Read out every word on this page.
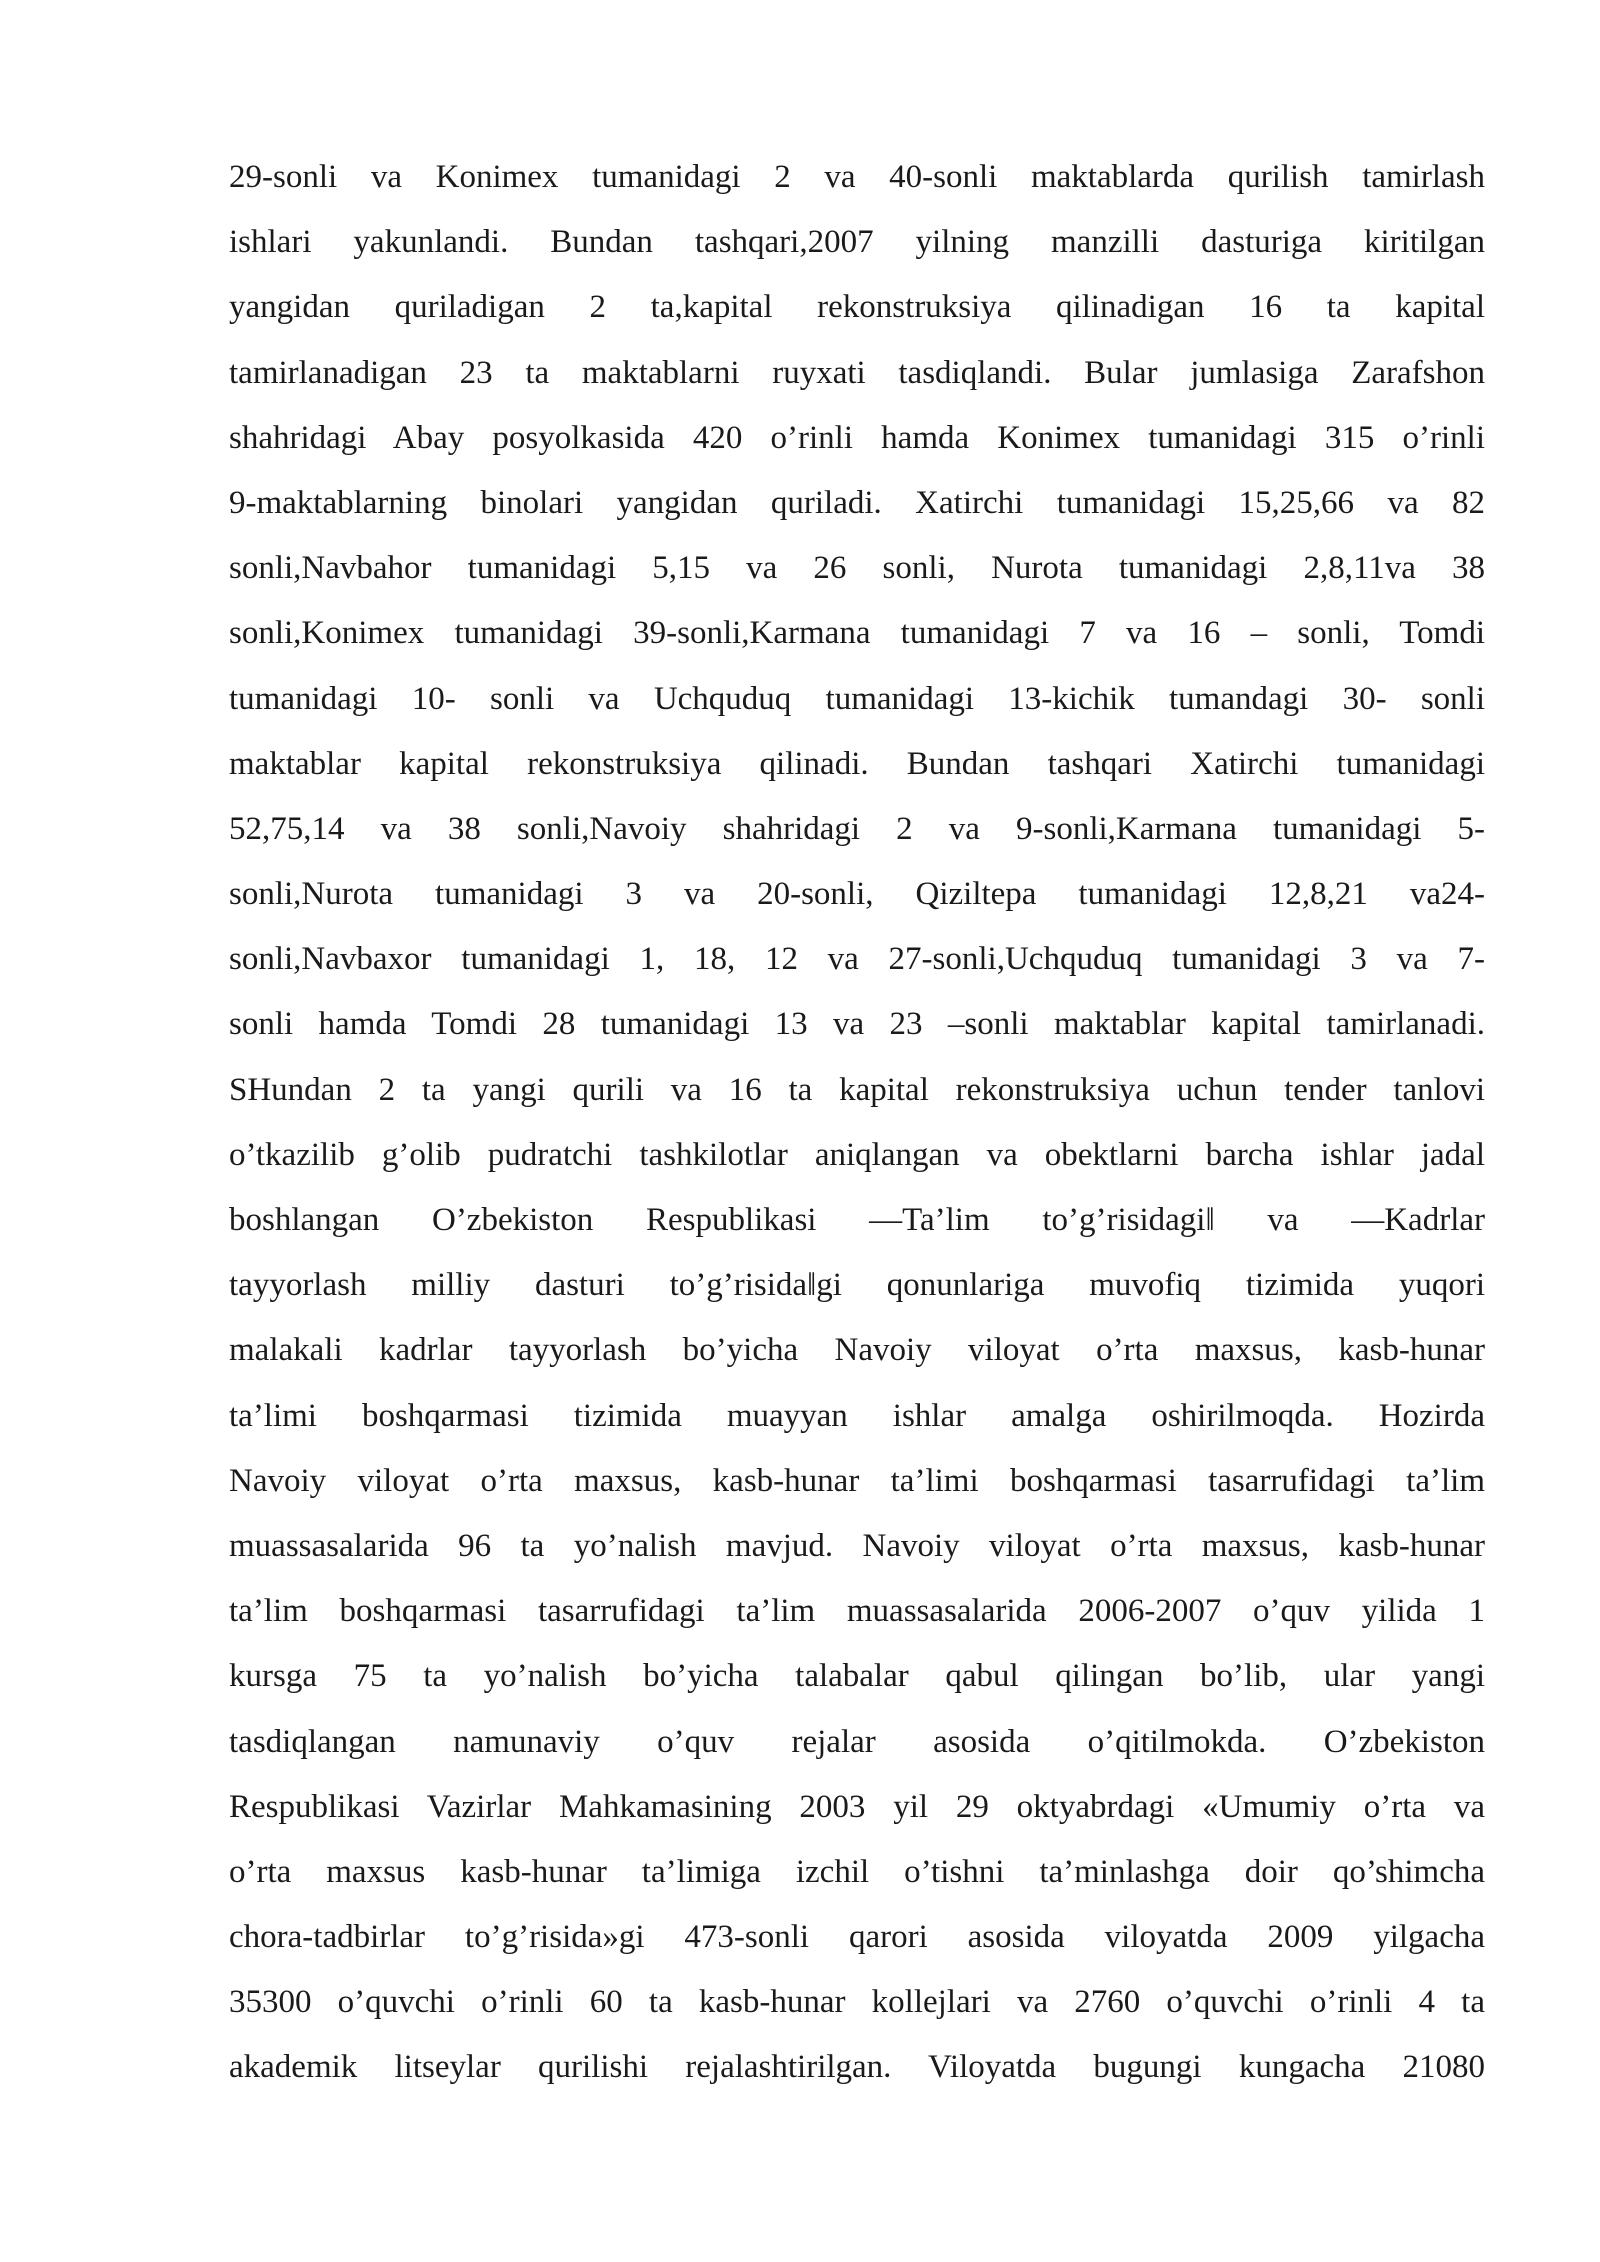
29-sonli va Konimex tumanidagi 2 va 40-sonli maktablarda qurilish tamirlash
ishlari yakunlandi. Bundan tashqari,2007 yilning manzilli dasturiga kiritilgan
yangidan quriladigan 2 ta,kapital rekonstruksiya qilinadigan 16 ta kapital
tamirlanadigan 23 ta maktablarni ruyxati tasdiqlandi. Bular jumlasiga Zarafshon
shahridagi Abay posyolkasida 420 o’rinli hamda Konimex tumanidagi 315 o’rinli
9-maktablarning binolari yangidan quriladi. Xatirchi tumanidagi 15,25,66 va 82
sonli,Navbahor tumanidagi 5,15 va 26 sonli, Nurota tumanidagi 2,8,11va 38
sonli,Konimex tumanidagi 39-sonli,Karmana tumanidagi 7 va 16 – sonli, Tomdi
tumanidagi 10- sonli va Uchquduq tumanidagi 13-kichik tumandagi 30- sonli
maktablar kapital rekonstruksiya qilinadi. Bundan tashqari Xatirchi tumanidagi
52,75,14 va 38 sonli,Navoiy shahridagi 2 va 9-sonli,Karmana tumanidagi 5-
sonli,Nurota tumanidagi 3 va 20-sonli, Qiziltepa tumanidagi 12,8,21 va24-
sonli,Navbaxor tumanidagi 1, 18, 12 va 27-sonli,Uchquduq tumanidagi 3 va 7-
sonli hamda Tomdi 28 tumanidagi 13 va 23 –sonli maktablar kapital tamirlanadi.
SHundan 2 ta yangi qurili va 16 ta kapital rekonstruksiya uchun tender tanlovi
o’tkazilib g’olib pudratchi tashkilotlar aniqlangan va obektlarni barcha ishlar jadal
boshlangan O’zbekiston Respublikasi ―Ta’lim to’g’risidagi‖ va ―Kadrlar
tayyorlash milliy dasturi to’g’risida‖gi qonunlariga muvofiq tizimida yuqori
malakali kadrlar tayyorlash bo’yicha Navoiy viloyat o’rta maxsus, kasb-hunar
ta’limi boshqarmasi tizimida muayyan ishlar amalga oshirilmoqda. Hozirda
Navoiy viloyat o’rta maxsus, kasb-hunar ta’limi boshqarmasi tasarrufidagi ta’lim
muassasalarida 96 ta yo’nalish mavjud. Navoiy viloyat o’rta maxsus, kasb-hunar
ta’lim boshqarmasi tasarrufidagi ta’lim muassasalarida 2006-2007 o’quv yilida 1
kursga 75 ta yo’nalish bo’yicha talabalar qabul qilingan bo’lib, ular yangi
tasdiqlangan namunaviy o’quv rejalar asosida o’qitilmokda. O’zbekiston
Respublikasi Vazirlar Mahkamasining 2003 yil 29 oktyabrdagi «Umumiy o’rta va
o’rta maxsus kasb-hunar ta’limiga izchil o’tishni ta’minlashga doir qo’shimcha
chora-tadbirlar to’g’risida»gi 473-sonli qarori asosida viloyatda 2009 yilgacha
35300 o’quvchi o’rinli 60 ta kasb-hunar kollejlari va 2760 o’quvchi o’rinli 4 ta
akademik litseylar qurilishi rejalashtirilgan. Viloyatda bugungi kungacha 21080
